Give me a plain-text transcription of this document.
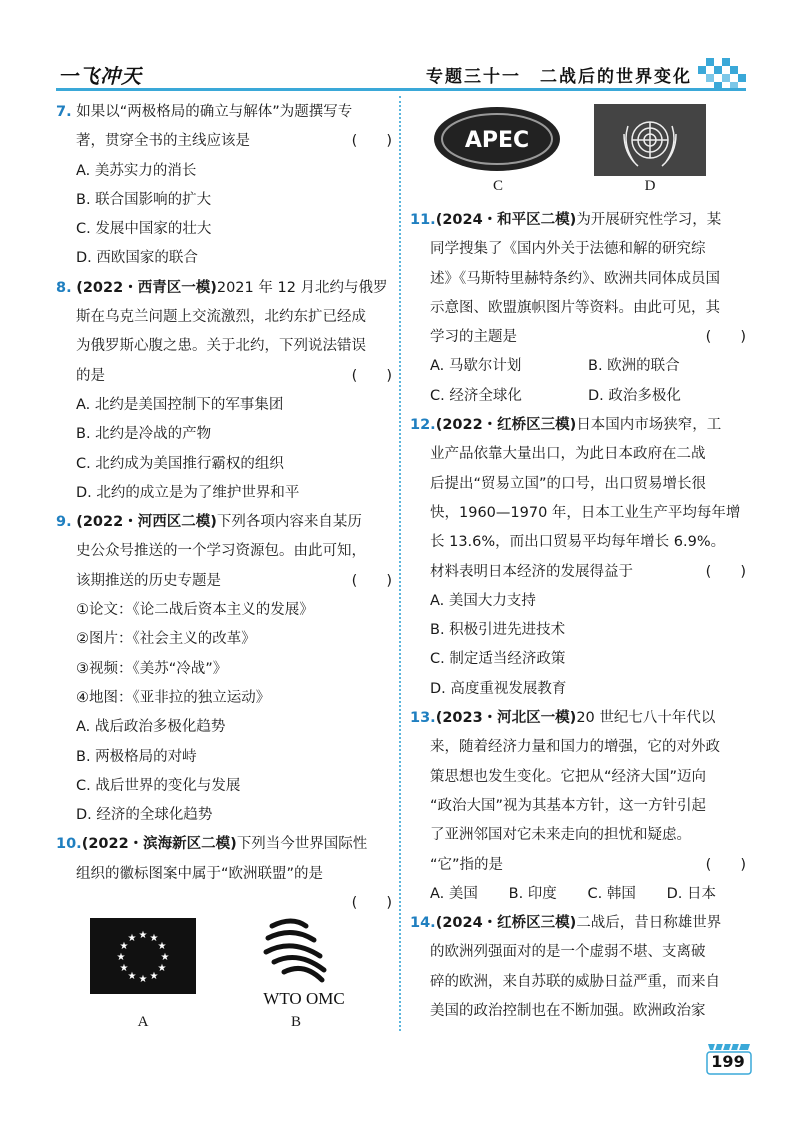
一飞冲天	专题三十一　二战后的世界变化
7. 如果以“两极格局的确立与解体”为题撰写专
著，贯穿全书的主线应该是	(　　)
A. 美苏实力的消长
B. 联合国影响的扩大
C. 发展中国家的壮大
D. 西欧国家的联合
8. (2022・西青区一模)2021 年 12 月北约与俄罗
斯在乌克兰问题上交流激烈，北约东扩已经成
为俄罗斯心腹之患。关于北约，下列说法错误
的是	(　　)
A. 北约是美国控制下的军事集团
B. 北约是冷战的产物
C. 北约成为美国推行霸权的组织
D. 北约的成立是为了维护世界和平
9. (2022・河西区二模)下列各项内容来自某历
史公众号推送的一个学习资源包。由此可知，
该期推送的历史专题是	(　　)
①论文：《论二战后资本主义的发展》
②图片：《社会主义的改革》
③视频：《美苏“冷战”》
④地图：《亚非拉的独立运动》
A. 战后政治多极化趋势
B. 两极格局的对峙
C. 战后世界的变化与发展
D. 经济的全球化趋势
10.(2022・滨海新区二模)下列当今世界国际性
组织的徽标图案中属于“欧洲联盟”的是
(　　)

★ ★
★
★
★
★
★
★
★
★
★
★
A
WTO OMC
B
APEC
C	D
11.(2024・和平区二模)为开展研究性学习，某
同学搜集了《国内外关于法德和解的研究综
述》《马斯特里赫特条约》、欧洲共同体成员国
示意图、欧盟旗帜图片等资料。由此可见，其
学习的主题是	(　　)
A. 马歇尔计划	B. 欧洲的联合
C. 经济全球化	D. 政治多极化
12.(2022・红桥区三模)日本国内市场狭窄，工
业产品依靠大量出口，为此日本政府在二战
后提出“贸易立国”的口号，出口贸易增长很
快，1960—1970 年，日本工业生产平均每年增
长 13.6%，而出口贸易平均每年增长 6.9%。
材料表明日本经济的发展得益于	(　　)
A. 美国大力支持
B. 积极引进先进技术
C. 制定适当经济政策
D. 高度重视发展教育
13.(2023・河北区一模)20 世纪七八十年代以
来，随着经济力量和国力的增强，它的对外政
策思想也发生变化。它把从“经济大国”迈向
“政治大国”视为其基本方针，这一方针引起
了亚洲邻国对它未来走向的担忧和疑虑。
“它”指的是	(　　)
A. 美国 B. 印度 C. 韩国 D. 日本
14.(2024・红桥区三模)二战后，昔日称雄世界
的欧洲列强面对的是一个虚弱不堪、支离破
碎的欧洲，来自苏联的威胁日益严重，而来自
美国的政治控制也在不断加强。欧洲政治家
199
